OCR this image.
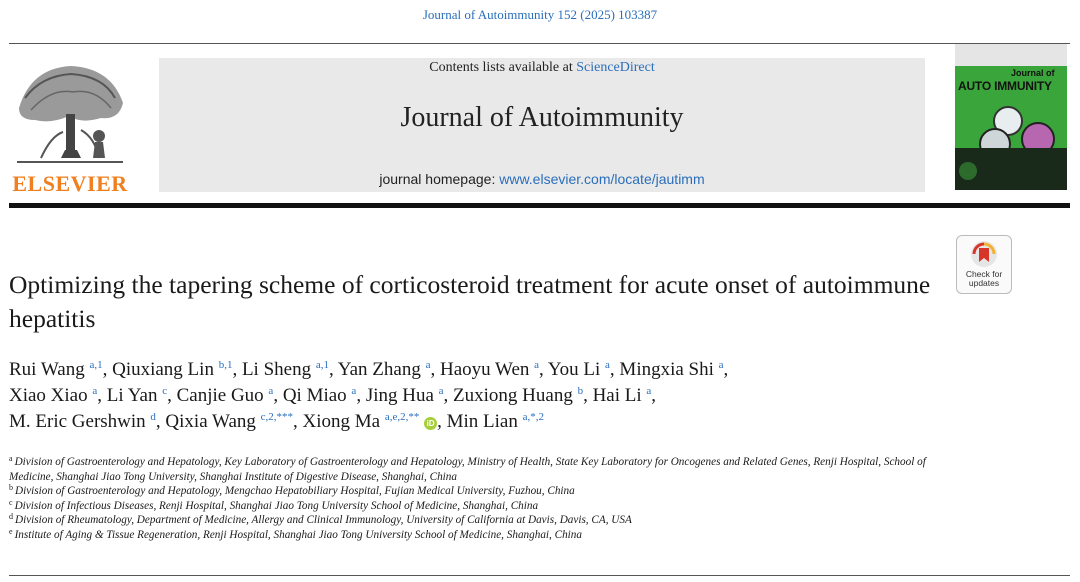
Journal of Autoimmunity 152 (2025) 103387
ELSEVIER
Contents lists available at ScienceDirect
Journal of Autoimmunity
journal homepage: www.elsevier.com/locate/jautimm
Journal of
AUTO IMMUNITY
Check for
updates
Optimizing the tapering scheme of corticosteroid treatment for acute onset of autoimmune hepatitis
Rui Wang $^{a,1}$, Qiuxiang Lin $^{b,1}$, Li Sheng $^{a,1}$, Yan Zhang $^a$, Haoyu Wen $^a$, You Li $^a$, Mingxia Shi $^a$,
Xiao Xiao $^a$, Li Yan $^c$, Canjie Guo $^a$, Qi Miao $^a$, Jing Hua $^a$, Zuxiong Huang $^b$, Hai Li $^a$,
M. Eric Gershwin $^d$, Qixia Wang $^{c,2,***}$, Xiong Ma $^{a,e,2,**}$ iD , Min Lian $^{a,*,2}$
$^a$ Division of Gastroenterology and Hepatology, Key Laboratory of Gastroenterology and Hepatology, Ministry of Health, State Key Laboratory for Oncogenes and Related Genes, Renji Hospital, School of Medicine, Shanghai Jiao Tong University, Shanghai Institute of Digestive Disease, Shanghai, China
$^b$ Division of Gastroenterology and Hepatology, Mengchao Hepatobiliary Hospital, Fujian Medical University, Fuzhou, China
$^c$ Division of Infectious Diseases, Renji Hospital, Shanghai Jiao Tong University School of Medicine, Shanghai, China
$^d$ Division of Rheumatology, Department of Medicine, Allergy and Clinical Immunology, University of California at Davis, Davis, CA, USA
$^e$ Institute of Aging & Tissue Regeneration, Renji Hospital, Shanghai Jiao Tong University School of Medicine, Shanghai, China
